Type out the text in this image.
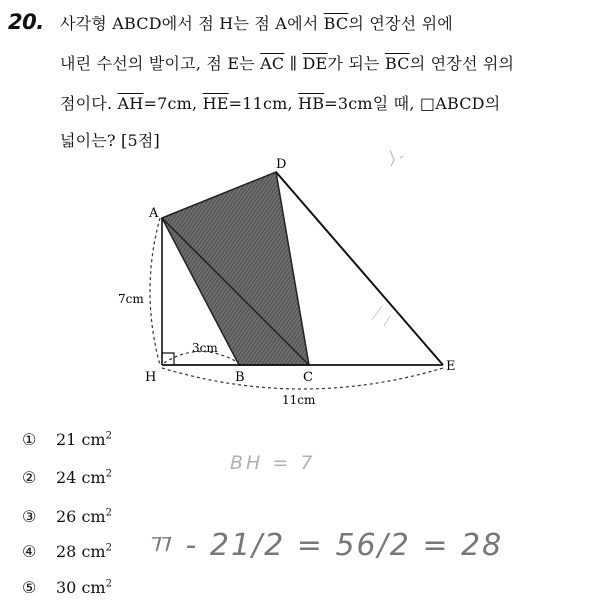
20. 사각형 ABCD에서 점 H는 점 A에서 $\overline{BC}$의 연장선 위에
내린 수선의 발이고, 점 E는 $\overline{AC}$ ∥ $\overline{DE}$가 되는 $\overline{BC}$의 연장선 위의
점이다. $\overline{AH}=7cm$, $\overline{HE}=11cm$, $\overline{HB}=3cm$일 때, □ABCD의
넓이는? [5점]
A
D
H	B	C
E
7cm
3cm
11cm
① 21 $cm^2$
② 24 $cm^2$
③ 26 $cm^2$
④ 28 $cm^2$
⑤ 30 $cm^2$
BH = 7
ㄲ - 21/2 = 56/2 = 28
